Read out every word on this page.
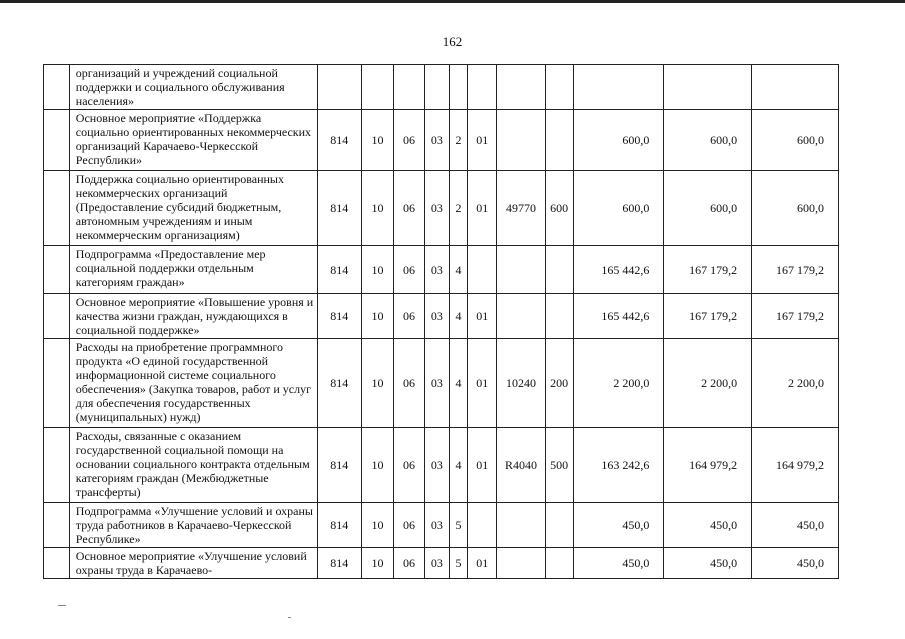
162
	организаций и учреждений социальной поддержки и социального обслуживания населения»											
	Основное мероприятие «Поддержка социально ориентированных некоммерческих организаций Карачаево-Черкесской Республики»	814	10	06	03	2	01			600,0	600,0	600,0
	Поддержка социально ориентированных некоммерческих организаций (Предоставление субсидий бюджетным, автономным учреждениям и иным некоммерческим организациям)	814	10	06	03	2	01	49770	600	600,0	600,0	600,0
	Подпрограмма «Предоставление мер социальной поддержки отдельным категориям граждан»	814	10	06	03	4				165 442,6	167 179,2	167 179,2
	Основное мероприятие «Повышение уровня и качества жизни граждан, нуждающихся в социальной поддержке»	814	10	06	03	4	01			165 442,6	167 179,2	167 179,2
	Расходы на приобретение программного продукта «О единой государственной информационной системе социального обеспечения» (Закупка товаров, работ и услуг для обеспечения государственных (муниципальных) нужд)	814	10	06	03	4	01	10240	200	2 200,0	2 200,0	2 200,0
	Расходы, связанные с оказанием государственной социальной помощи на основании социального контракта отдельным категориям граждан (Межбюджетные трансферты)	814	10	06	03	4	01	R4040	500	163 242,6	164 979,2	164 979,2
	Подпрограмма «Улучшение условий и охраны труда работников в Карачаево-Черкесской Республике»	814	10	06	03	5				450,0	450,0	450,0
	Основное мероприятие «Улучшение условий охраны труда в Карачаево-	814	10	06	03	5	01			450,0	450,0	450,0
